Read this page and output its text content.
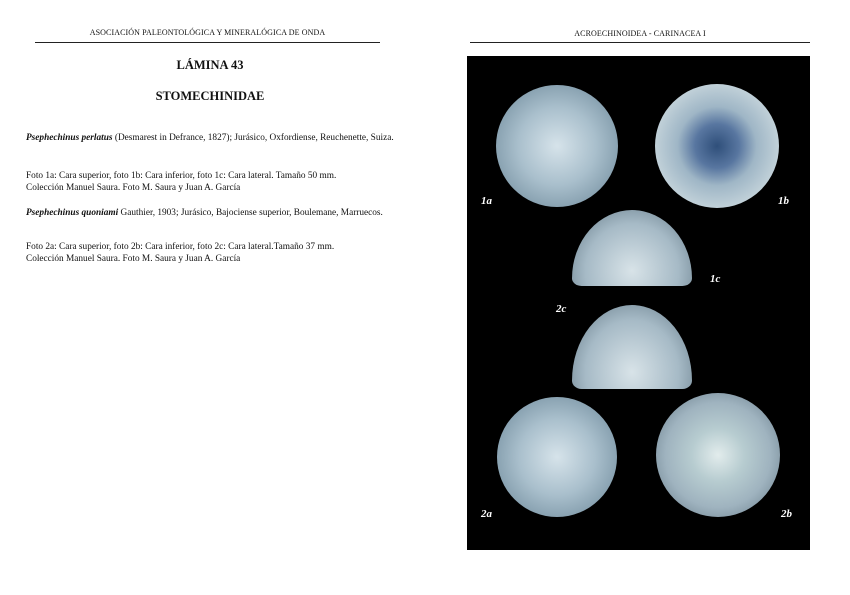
ASOCIACIÓN PALEONTOLÓGICA Y MINERALÓGICA DE ONDA
LÁMINA 43
STOMECHINIDAE
Psephechinus perlatus (Desmarest in Defrance, 1827); Jurásico, Oxfordiense, Reuchenette, Suiza.
Foto 1a: Cara superior, foto 1b: Cara inferior, foto 1c: Cara lateral. Tamaño 50 mm.
Colección Manuel Saura. Foto M. Saura y Juan A. García
Psephechinus quoniami Gauthier, 1903; Jurásico, Bajociense superior, Boulemane, Marruecos.
Foto 2a: Cara superior, foto 2b: Cara inferior, foto 2c: Cara lateral.Tamaño 37 mm.
Colección Manuel Saura. Foto M. Saura y Juan A. García
ACROECHINOIDEA - CARINACEA I
1a	1b
1c
2c
2a	2b
